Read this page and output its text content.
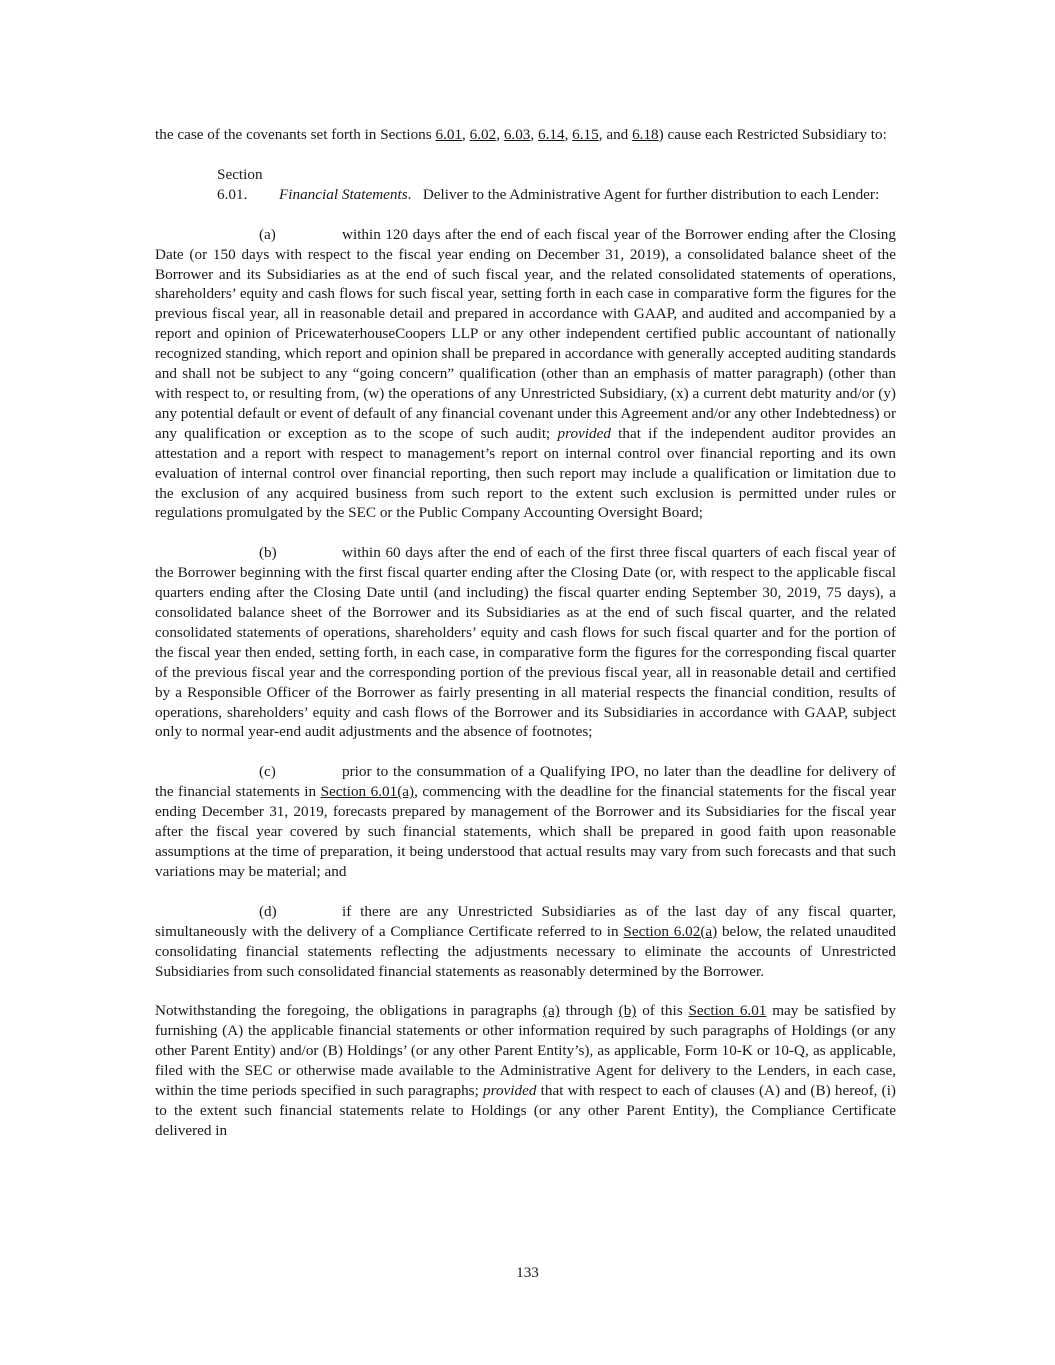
the case of the covenants set forth in Sections 6.01, 6.02, 6.03, 6.14, 6.15, and 6.18) cause each Restricted Subsidiary to:

Section 6.01. Financial Statements. Deliver to the Administrative Agent for further distribution to each Lender:

(a)	within 120 days after the end of each fiscal year of the Borrower ending after the Closing Date (or 150 days with respect to the fiscal year ending on December 31, 2019), a consolidated balance sheet of the Borrower and its Subsidiaries as at the end of such fiscal year, and the related consolidated statements of operations, shareholders’ equity and cash flows for such fiscal year, setting forth in each case in comparative form the figures for the previous fiscal year, all in reasonable detail and prepared in accordance with GAAP, and audited and accompanied by a report and opinion of PricewaterhouseCoopers LLP or any other independent certified public accountant of nationally recognized standing, which report and opinion shall be prepared in accordance with generally accepted auditing standards and shall not be subject to any “going concern” qualification (other than an emphasis of matter paragraph) (other than with respect to, or resulting from, (w) the operations of any Unrestricted Subsidiary, (x) a current debt maturity and/or (y) any potential default or event of default of any financial covenant under this Agreement and/or any other Indebtedness) or any qualification or exception as to the scope of such audit; provided that if the independent auditor provides an attestation and a report with respect to management’s report on internal control over financial reporting and its own evaluation of internal control over financial reporting, then such report may include a qualification or limitation due to the exclusion of any acquired business from such report to the extent such exclusion is permitted under rules or regulations promulgated by the SEC or the Public Company Accounting Oversight Board;

(b)	within 60 days after the end of each of the first three fiscal quarters of each fiscal year of the Borrower beginning with the first fiscal quarter ending after the Closing Date (or, with respect to the applicable fiscal quarters ending after the Closing Date until (and including) the fiscal quarter ending September 30, 2019, 75 days), a consolidated balance sheet of the Borrower and its Subsidiaries as at the end of such fiscal quarter, and the related consolidated statements of operations, shareholders’ equity and cash flows for such fiscal quarter and for the portion of the fiscal year then ended, setting forth, in each case, in comparative form the figures for the corresponding fiscal quarter of the previous fiscal year and the corresponding portion of the previous fiscal year, all in reasonable detail and certified by a Responsible Officer of the Borrower as fairly presenting in all material respects the financial condition, results of operations, shareholders’ equity and cash flows of the Borrower and its Subsidiaries in accordance with GAAP, subject only to normal year-end audit adjustments and the absence of footnotes;

(c)	prior to the consummation of a Qualifying IPO, no later than the deadline for delivery of the financial statements in Section 6.01(a), commencing with the deadline for the financial statements for the fiscal year ending December 31, 2019, forecasts prepared by management of the Borrower and its Subsidiaries for the fiscal year after the fiscal year covered by such financial statements, which shall be prepared in good faith upon reasonable assumptions at the time of preparation, it being understood that actual results may vary from such forecasts and that such variations may be material; and

(d)	if there are any Unrestricted Subsidiaries as of the last day of any fiscal quarter, simultaneously with the delivery of a Compliance Certificate referred to in Section 6.02(a) below, the related unaudited consolidating financial statements reflecting the adjustments necessary to eliminate the accounts of Unrestricted Subsidiaries from such consolidated financial statements as reasonably determined by the Borrower.

Notwithstanding the foregoing, the obligations in paragraphs (a) through (b) of this Section 6.01 may be satisfied by furnishing (A) the applicable financial statements or other information required by such paragraphs of Holdings (or any other Parent Entity) and/or (B) Holdings’ (or any other Parent Entity’s), as applicable, Form 10-K or 10-Q, as applicable, filed with the SEC or otherwise made available to the Administrative Agent for delivery to the Lenders, in each case, within the time periods specified in such paragraphs; provided that with respect to each of clauses (A) and (B) hereof, (i) to the extent such financial statements relate to Holdings (or any other Parent Entity), the Compliance Certificate delivered in

133
